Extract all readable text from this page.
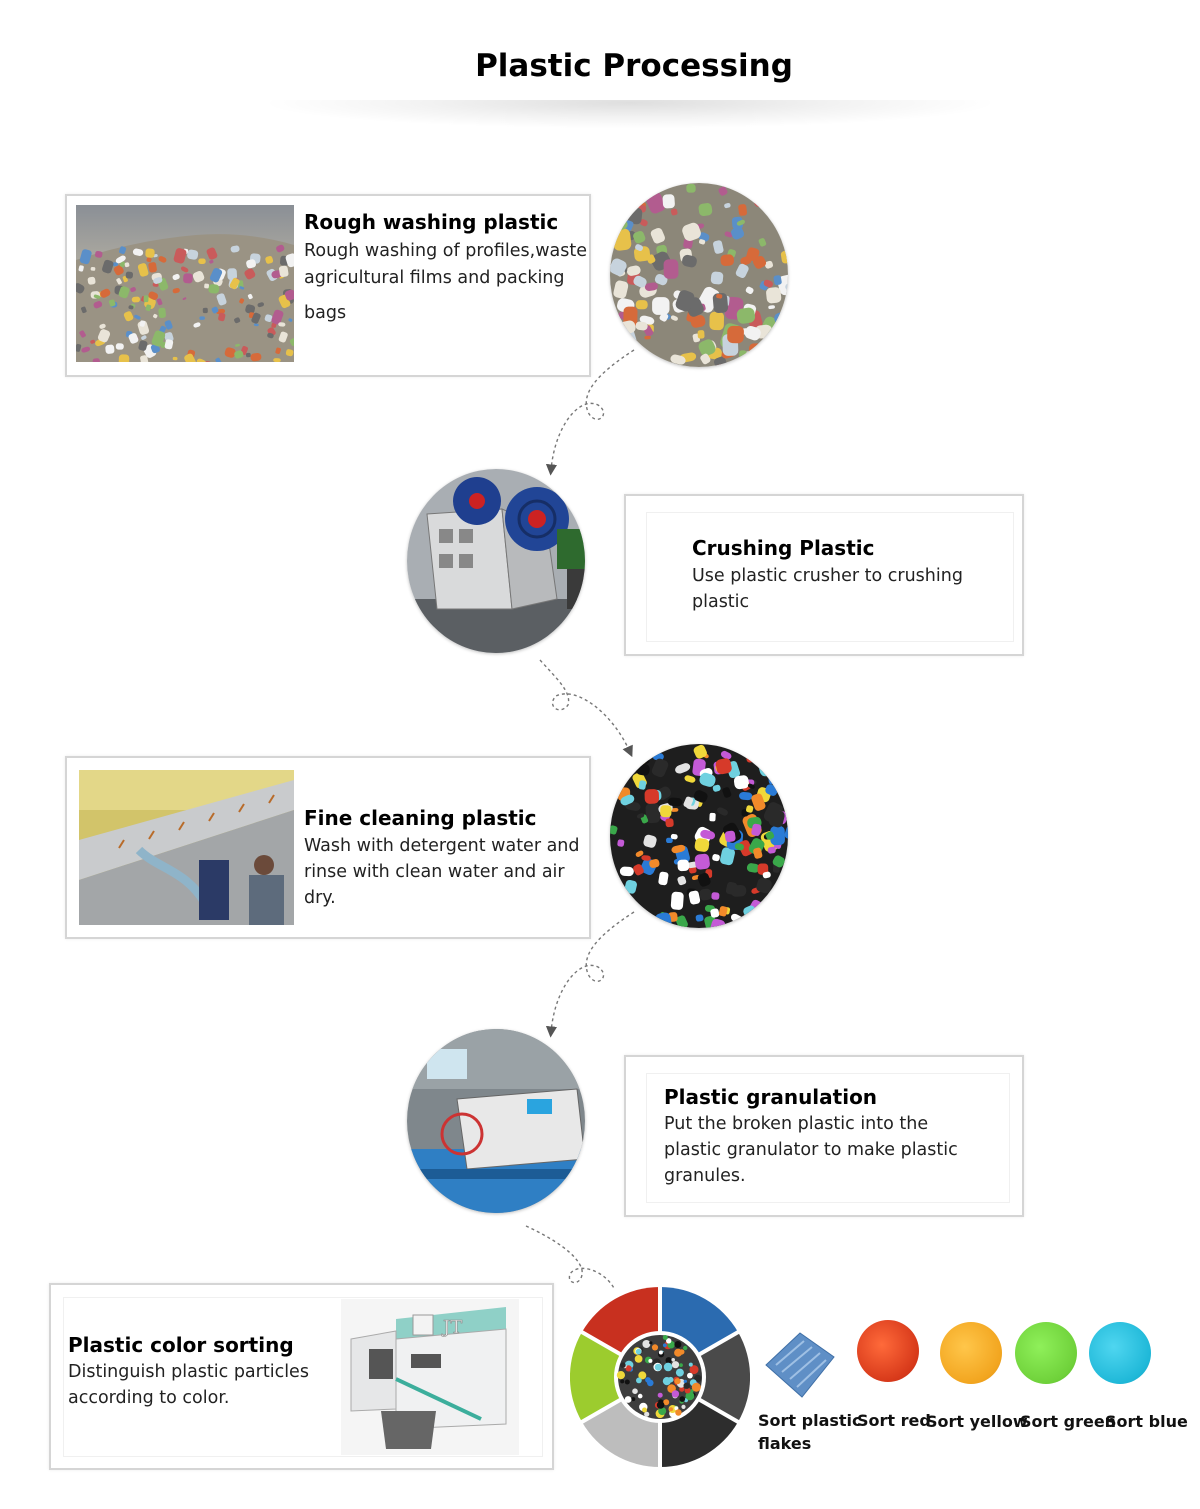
Plastic Processing
Rough washing plastic

Rough washing of profiles,waste
agricultural films and packing
bags

Crushing Plastic

Use plastic crusher to crushing
plastic

Fine cleaning plastic

Wash with detergent water and
rinse with clean water and air
dry.

Plastic granulation

Put the broken plastic into the
plastic granulator to make plastic
granules.

Plastic color sorting

Distinguish plastic particles
according to color.

JT
Sort plastic
flakes
Sort red
Sort yellow
Sort green
Sort blue
